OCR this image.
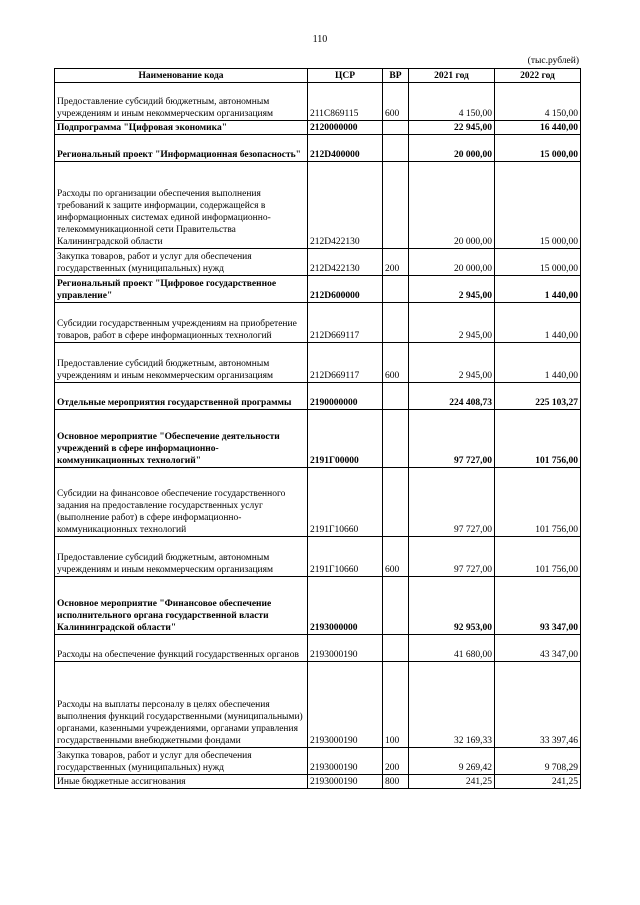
110
(тыс.рублей)
Наименование кода	ЦСР	ВР	2021 год	2022 год
Предоставление субсидий бюджетным, автономным учреждениям и иным некоммерческим организациям	211С869115	600	4 150,00	4 150,00
Подпрограмма "Цифровая экономика"	2120000000		22 945,00	16 440,00
Региональный проект "Информационная безопасность"	212D400000		20 000,00	15 000,00
Расходы по организации обеспечения выполнения требований к защите информации, содержащейся в информационных системах единой информационно-телекоммуникационной сети Правительства Калининградской области	212D422130		20 000,00	15 000,00
Закупка товаров, работ и услуг для обеспечения государственных (муниципальных) нужд	212D422130	200	20 000,00	15 000,00
Региональный проект "Цифровое государственное управление"	212D600000		2 945,00	1 440,00
Субсидии государственным учреждениям на приобретение товаров, работ в сфере информационных технологий	212D669117		2 945,00	1 440,00
Предоставление субсидий бюджетным, автономным учреждениям и иным некоммерческим организациям	212D669117	600	2 945,00	1 440,00
Отдельные мероприятия государственной программы	2190000000		224 408,73	225 103,27
Основное мероприятие "Обеспечение деятельности учреждений в сфере информационно-коммуникационных технологий"	2191Г00000		97 727,00	101 756,00
Субсидии на финансовое обеспечение государственного задания на предоставление государственных услуг (выполнение работ) в сфере информационно-коммуникационных технологий	2191Г10660		97 727,00	101 756,00
Предоставление субсидий бюджетным, автономным учреждениям и иным некоммерческим организациям	2191Г10660	600	97 727,00	101 756,00
Основное мероприятие "Финансовое обеспечение исполнительного органа государственной власти Калининградской области"	2193000000		92 953,00	93 347,00
Расходы на обеспечение функций государственных органов	2193000190		41 680,00	43 347,00
Расходы на выплаты персоналу в целях обеспечения выполнения функций государственными (муниципальными) органами, казенными учреждениями, органами управления государственными внебюджетными фондами	2193000190	100	32 169,33	33 397,46
Закупка товаров, работ и услуг для обеспечения государственных (муниципальных) нужд	2193000190	200	9 269,42	9 708,29
Иные бюджетные ассигнования	2193000190	800	241,25	241,25
